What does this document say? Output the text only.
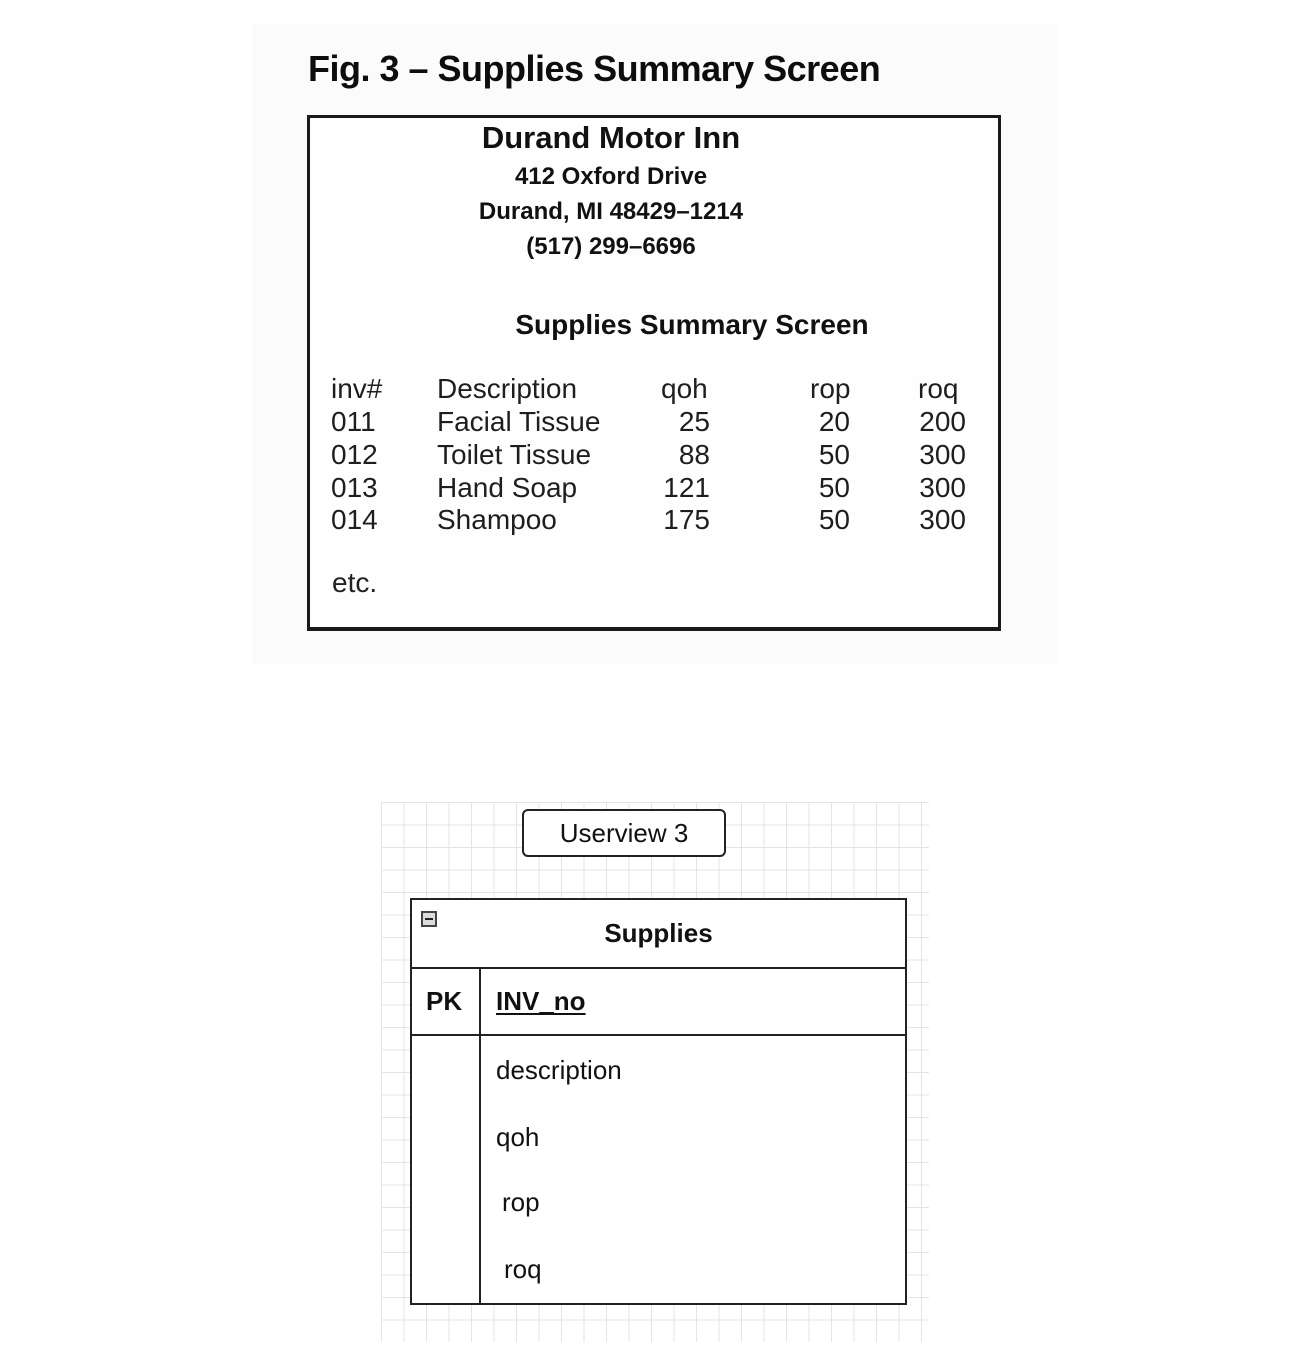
Fig. 3 – Supplies Summary Screen
Durand Motor Inn
412 Oxford Drive
Durand, MI 48429–1214
(517) 299–6696
Supplies Summary Screen
inv# Description	qoh	rop	roq
011 Facial Tissue	25	20	200
012 Toilet Tissue	88	50	300
013 Hand Soap	121	50	300
014 Shampoo	175	50	300
etc.
Userview 3
Supplies
PK INV_no
description
qoh
rop
roq
